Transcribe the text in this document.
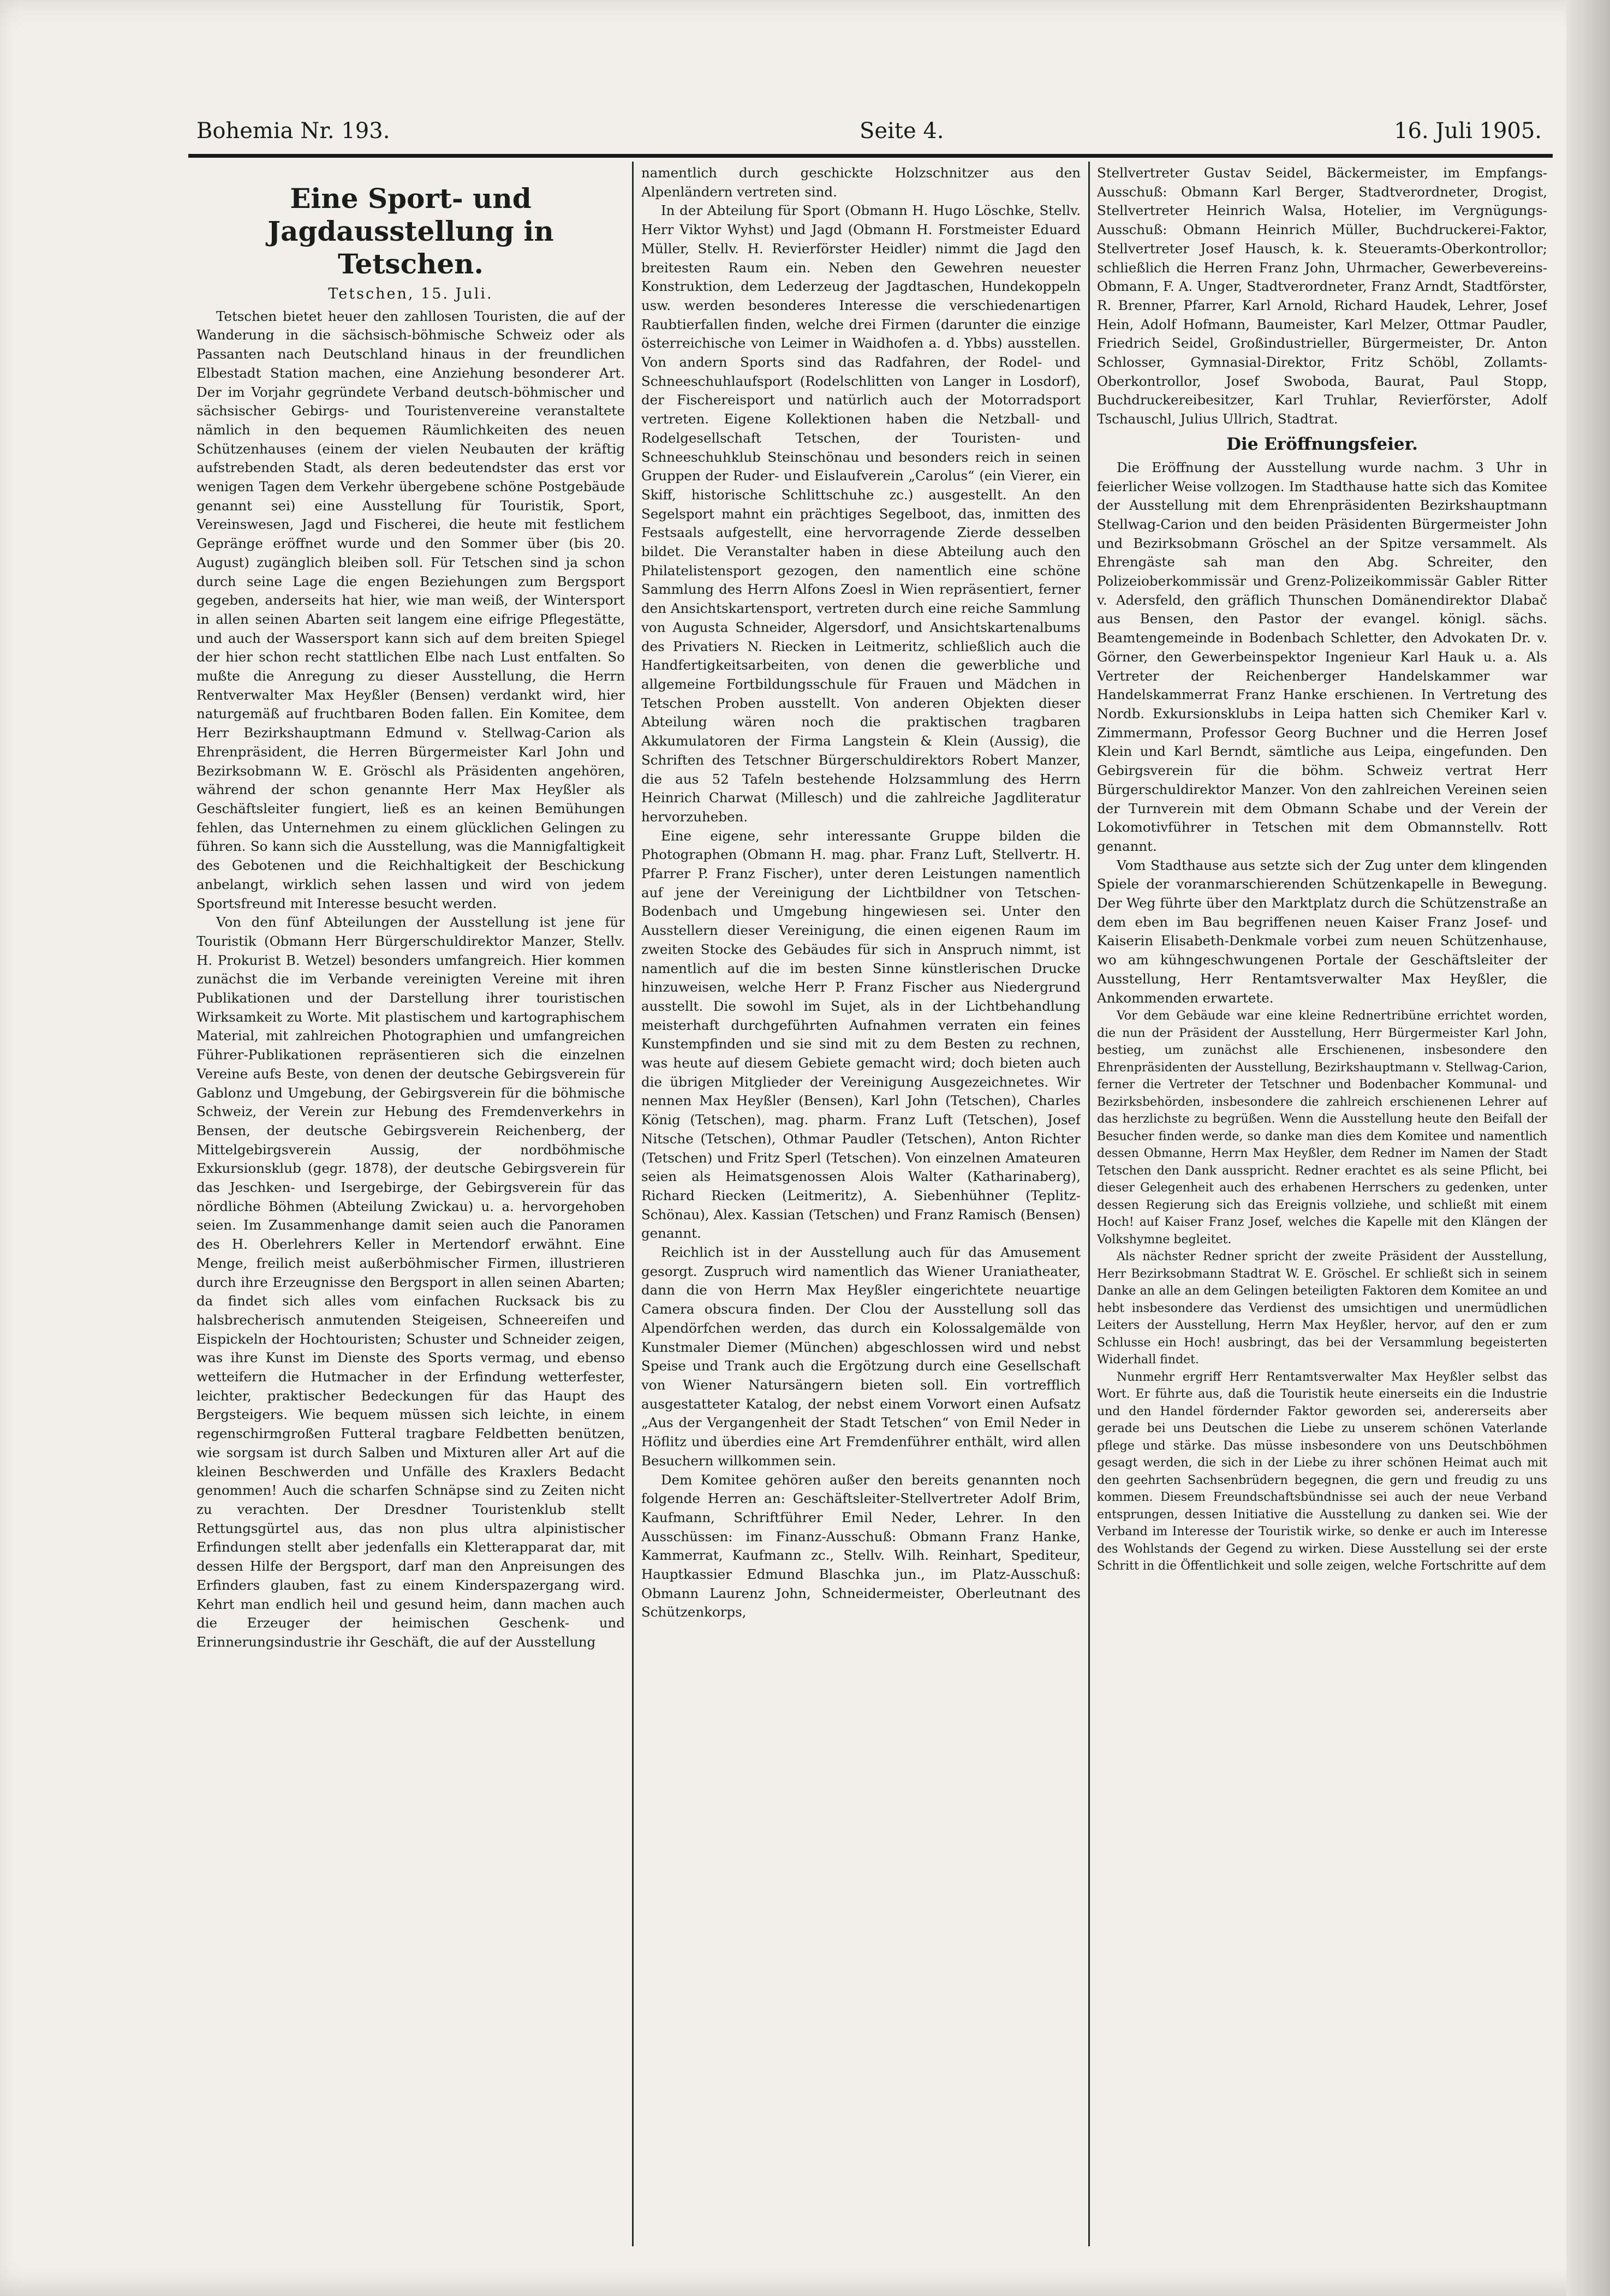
Bohemia Nr. 193.	Seite 4.	16. Juli 1905.
Eine Sport- und Jagdausstellung in Tetschen.
Tetschen, 15. Juli.

Tetschen bietet heuer den zahllosen Touristen, die auf der Wanderung in die sächsisch-böhmische Schweiz oder als Passanten nach Deutschland hinaus in der freundlichen Elbestadt Station machen, eine Anziehung besonderer Art. Der im Vorjahr gegründete Verband deutsch-böhmischer und sächsischer Gebirgs- und Touristenvereine veranstaltete nämlich in den bequemen Räumlichkeiten des neuen Schützenhauses (einem der vielen Neubauten der kräftig aufstrebenden Stadt, als deren bedeutendster das erst vor wenigen Tagen dem Verkehr übergebene schöne Postgebäude genannt sei) eine Ausstellung für Touristik, Sport, Vereinswesen, Jagd und Fischerei, die heute mit festlichem Gepränge eröffnet wurde und den Sommer über (bis 20. August) zugänglich bleiben soll. Für Tetschen sind ja schon durch seine Lage die engen Beziehungen zum Bergsport gegeben, anderseits hat hier, wie man weiß, der Wintersport in allen seinen Abarten seit langem eine eifrige Pflegestätte, und auch der Wassersport kann sich auf dem breiten Spiegel der hier schon recht stattlichen Elbe nach Lust entfalten. So mußte die Anregung zu dieser Ausstellung, die Herrn Rentverwalter Max Heyßler (Bensen) verdankt wird, hier naturgemäß auf fruchtbaren Boden fallen. Ein Komitee, dem Herr Bezirkshauptmann Edmund v. Stellwag-Carion als Ehrenpräsident, die Herren Bürgermeister Karl John und Bezirksobmann W. E. Gröschl als Präsidenten angehören, während der schon genannte Herr Max Heyßler als Geschäftsleiter fungiert, ließ es an keinen Bemühungen fehlen, das Unternehmen zu einem glücklichen Gelingen zu führen. So kann sich die Ausstellung, was die Mannigfaltigkeit des Gebotenen und die Reichhaltigkeit der Beschickung anbelangt, wirklich sehen lassen und wird von jedem Sportsfreund mit Interesse besucht werden.

Von den fünf Abteilungen der Ausstellung ist jene für Touristik (Obmann Herr Bürgerschuldirektor Manzer, Stellv. H. Prokurist B. Wetzel) besonders umfangreich. Hier kommen zunächst die im Verbande vereinigten Vereine mit ihren Publikationen und der Darstellung ihrer touristischen Wirksamkeit zu Worte. Mit plastischem und kartographischem Material, mit zahlreichen Photographien und umfangreichen Führer-Publikationen repräsentieren sich die einzelnen Vereine aufs Beste, von denen der deutsche Gebirgsverein für Gablonz und Umgebung, der Gebirgsverein für die böhmische Schweiz, der Verein zur Hebung des Fremdenverkehrs in Bensen, der deutsche Gebirgsverein Reichenberg, der Mittelgebirgsverein Aussig, der nordböhmische Exkursionsklub (gegr. 1878), der deutsche Gebirgsverein für das Jeschken- und Isergebirge, der Gebirgsverein für das nördliche Böhmen (Abteilung Zwickau) u. a. hervorgehoben seien. Im Zusammenhange damit seien auch die Panoramen des H. Oberlehrers Keller in Mertendorf erwähnt. Eine Menge, freilich meist außerböhmischer Firmen, illustrieren durch ihre Erzeugnisse den Bergsport in allen seinen Abarten; da findet sich alles vom einfachen Rucksack bis zu halsbrecherisch anmutenden Steigeisen, Schneereifen und Eispickeln der Hochtouristen; Schuster und Schneider zeigen, was ihre Kunst im Dienste des Sports vermag, und ebenso wetteifern die Hutmacher in der Erfindung wetterfester, leichter, praktischer Bedeckungen für das Haupt des Bergsteigers. Wie bequem müssen sich leichte, in einem regenschirmgroßen Futteral tragbare Feldbetten benützen, wie sorgsam ist durch Salben und Mixturen aller Art auf die kleinen Beschwerden und Unfälle des Kraxlers Bedacht genommen! Auch die scharfen Schnäpse sind zu Zeiten nicht zu verachten. Der Dresdner Touristenklub stellt Rettungsgürtel aus, das non plus ultra alpinistischer Erfindungen stellt aber jedenfalls ein Kletterapparat dar, mit dessen Hilfe der Bergsport, darf man den Anpreisungen des Erfinders glauben, fast zu einem Kinderspazergang wird. Kehrt man endlich heil und gesund heim, dann machen auch die Erzeuger der heimischen Geschenk- und Erinnerungsindustrie ihr Geschäft, die auf der Ausstellung

namentlich durch geschickte Holzschnitzer aus den Alpenländern vertreten sind.

In der Abteilung für Sport (Obmann H. Hugo Löschke, Stellv. Herr Viktor Wyhst) und Jagd (Obmann H. Forstmeister Eduard Müller, Stellv. H. Revierförster Heidler) nimmt die Jagd den breitesten Raum ein. Neben den Gewehren neuester Konstruktion, dem Lederzeug der Jagdtaschen, Hundekoppeln usw. werden besonderes Interesse die verschiedenartigen Raubtierfallen finden, welche drei Firmen (darunter die einzige österreichische von Leimer in Waidhofen a. d. Ybbs) ausstellen. Von andern Sports sind das Radfahren, der Rodel- und Schneeschuhlaufsport (Rodelschlitten von Langer in Losdorf), der Fischereisport und natürlich auch der Motorradsport vertreten. Eigene Kollektionen haben die Netzball- und Rodelgesellschaft Tetschen, der Touristen- und Schneeschuhklub Steinschönau und besonders reich in seinen Gruppen der Ruder- und Eislaufverein „Carolus“ (ein Vierer, ein Skiff, historische Schlittschuhe zc.) ausgestellt. An den Segelsport mahnt ein prächtiges Segelboot, das, inmitten des Festsaals aufgestellt, eine hervorragende Zierde desselben bildet. Die Veranstalter haben in diese Abteilung auch den Philatelistensport gezogen, den namentlich eine schöne Sammlung des Herrn Alfons Zoesl in Wien repräsentiert, ferner den Ansichtskartensport, vertreten durch eine reiche Sammlung von Augusta Schneider, Algersdorf, und Ansichtskartenalbums des Privatiers N. Riecken in Leitmeritz, schließlich auch die Handfertigkeitsarbeiten, von denen die gewerbliche und allgemeine Fortbildungsschule für Frauen und Mädchen in Tetschen Proben ausstellt. Von anderen Objekten dieser Abteilung wären noch die praktischen tragbaren Akkumulatoren der Firma Langstein & Klein (Aussig), die Schriften des Tetschner Bürgerschuldirektors Robert Manzer, die aus 52 Tafeln bestehende Holzsammlung des Herrn Heinrich Charwat (Millesch) und die zahlreiche Jagdliteratur hervorzuheben.

Eine eigene, sehr interessante Gruppe bilden die Photographen (Obmann H. mag. phar. Franz Luft, Stellvertr. H. Pfarrer P. Franz Fischer), unter deren Leistungen namentlich auf jene der Vereinigung der Lichtbildner von Tetschen-Bodenbach und Umgebung hingewiesen sei. Unter den Ausstellern dieser Vereinigung, die einen eigenen Raum im zweiten Stocke des Gebäudes für sich in Anspruch nimmt, ist namentlich auf die im besten Sinne künstlerischen Drucke hinzuweisen, welche Herr P. Franz Fischer aus Niedergrund ausstellt. Die sowohl im Sujet, als in der Lichtbehandlung meisterhaft durchgeführten Aufnahmen verraten ein feines Kunstempfinden und sie sind mit zu dem Besten zu rechnen, was heute auf diesem Gebiete gemacht wird; doch bieten auch die übrigen Mitglieder der Vereinigung Ausgezeichnetes. Wir nennen Max Heyßler (Bensen), Karl John (Tetschen), Charles König (Tetschen), mag. pharm. Franz Luft (Tetschen), Josef Nitsche (Tetschen), Othmar Paudler (Tetschen), Anton Richter (Tetschen) und Fritz Sperl (Tetschen). Von einzelnen Amateuren seien als Heimatsgenossen Alois Walter (Katharinaberg), Richard Riecken (Leitmeritz), A. Siebenhühner (Teplitz-Schönau), Alex. Kassian (Tetschen) und Franz Ramisch (Bensen) genannt.

Reichlich ist in der Ausstellung auch für das Amusement gesorgt. Zuspruch wird namentlich das Wiener Uraniatheater, dann die von Herrn Max Heyßler eingerichtete neuartige Camera obscura finden. Der Clou der Ausstellung soll das Alpendörfchen werden, das durch ein Kolossalgemälde von Kunstmaler Diemer (München) abgeschlossen wird und nebst Speise und Trank auch die Ergötzung durch eine Gesellschaft von Wiener Natursängern bieten soll. Ein vortrefflich ausgestatteter Katalog, der nebst einem Vorwort einen Aufsatz „Aus der Vergangenheit der Stadt Tetschen“ von Emil Neder in Höflitz und überdies eine Art Fremdenführer enthält, wird allen Besuchern willkommen sein.

Dem Komitee gehören außer den bereits genannten noch folgende Herren an: Geschäftsleiter-Stellvertreter Adolf Brim, Kaufmann, Schriftführer Emil Neder, Lehrer. In den Ausschüssen: im Finanz-Ausschuß: Obmann Franz Hanke, Kammerrat, Kaufmann zc., Stellv. Wilh. Reinhart, Spediteur, Hauptkassier Edmund Blaschka jun., im Platz-Ausschuß: Obmann Laurenz John, Schneidermeister, Oberleutnant des Schützenkorps,

Stellvertreter Gustav Seidel, Bäckermeister, im Empfangs-Ausschuß: Obmann Karl Berger, Stadtverordneter, Drogist, Stellvertreter Heinrich Walsa, Hotelier, im Vergnügungs-Ausschuß: Obmann Heinrich Müller, Buchdruckerei-Faktor, Stellvertreter Josef Hausch, k. k. Steueramts-Oberkontrollor; schließlich die Herren Franz John, Uhrmacher, Gewerbevereins-Obmann, F. A. Unger, Stadtverordneter, Franz Arndt, Stadtförster, R. Brenner, Pfarrer, Karl Arnold, Richard Haudek, Lehrer, Josef Hein, Adolf Hofmann, Baumeister, Karl Melzer, Ottmar Paudler, Friedrich Seidel, Großindustrieller, Bürgermeister, Dr. Anton Schlosser, Gymnasial-Direktor, Fritz Schöbl, Zollamts-Oberkontrollor, Josef Swoboda, Baurat, Paul Stopp, Buchdruckereibesitzer, Karl Truhlar, Revierförster, Adolf Tschauschl, Julius Ullrich, Stadtrat.

Die Eröffnungsfeier.

Die Eröffnung der Ausstellung wurde nachm. 3 Uhr in feierlicher Weise vollzogen. Im Stadthause hatte sich das Komitee der Ausstellung mit dem Ehrenpräsidenten Bezirkshauptmann Stellwag-Carion und den beiden Präsidenten Bürgermeister John und Bezirksobmann Gröschel an der Spitze versammelt. Als Ehrengäste sah man den Abg. Schreiter, den Polizeioberkommissär und Grenz-Polizeikommissär Gabler Ritter v. Adersfeld, den gräflich Thunschen Domänendirektor Dlabač aus Bensen, den Pastor der evangel. königl. sächs. Beamtengemeinde in Bodenbach Schletter, den Advokaten Dr. v. Görner, den Gewerbeinspektor Ingenieur Karl Hauk u. a. Als Vertreter der Reichenberger Handelskammer war Handelskammerrat Franz Hanke erschienen. In Vertretung des Nordb. Exkursionsklubs in Leipa hatten sich Chemiker Karl v. Zimmermann, Professor Georg Buchner und die Herren Josef Klein und Karl Berndt, sämtliche aus Leipa, eingefunden. Den Gebirgsverein für die böhm. Schweiz vertrat Herr Bürgerschuldirektor Manzer. Von den zahlreichen Vereinen seien der Turnverein mit dem Obmann Schabe und der Verein der Lokomotivführer in Tetschen mit dem Obmannstellv. Rott genannt.

Vom Stadthause aus setzte sich der Zug unter dem klingenden Spiele der voranmarschierenden Schützenkapelle in Bewegung. Der Weg führte über den Marktplatz durch die Schützenstraße an dem eben im Bau begriffenen neuen Kaiser Franz Josef- und Kaiserin Elisabeth-Denkmale vorbei zum neuen Schützenhause, wo am kühngeschwungenen Portale der Geschäftsleiter der Ausstellung, Herr Rentamtsverwalter Max Heyßler, die Ankommenden erwartete.

Vor dem Gebäude war eine kleine Rednertribüne errichtet worden, die nun der Präsident der Ausstellung, Herr Bürgermeister Karl John, bestieg, um zunächst alle Erschienenen, insbesondere den Ehrenpräsidenten der Ausstellung, Bezirkshauptmann v. Stellwag-Carion, ferner die Vertreter der Tetschner und Bodenbacher Kommunal- und Bezirksbehörden, insbesondere die zahlreich erschienenen Lehrer auf das herzlichste zu begrüßen. Wenn die Ausstellung heute den Beifall der Besucher finden werde, so danke man dies dem Komitee und namentlich dessen Obmanne, Herrn Max Heyßler, dem Redner im Namen der Stadt Tetschen den Dank ausspricht. Redner erachtet es als seine Pflicht, bei dieser Gelegenheit auch des erhabenen Herrschers zu gedenken, unter dessen Regierung sich das Ereignis vollziehe, und schließt mit einem Hoch! auf Kaiser Franz Josef, welches die Kapelle mit den Klängen der Volkshymne begleitet.

Als nächster Redner spricht der zweite Präsident der Ausstellung, Herr Bezirksobmann Stadtrat W. E. Gröschel. Er schließt sich in seinem Danke an alle an dem Gelingen beteiligten Faktoren dem Komitee an und hebt insbesondere das Verdienst des umsichtigen und unermüdlichen Leiters der Ausstellung, Herrn Max Heyßler, hervor, auf den er zum Schlusse ein Hoch! ausbringt, das bei der Versammlung begeisterten Widerhall findet.

Nunmehr ergriff Herr Rentamtsverwalter Max Heyßler selbst das Wort. Er führte aus, daß die Touristik heute einerseits ein die Industrie und den Handel fördernder Faktor geworden sei, andererseits aber gerade bei uns Deutschen die Liebe zu unserem schönen Vaterlande pflege und stärke. Das müsse insbesondere von uns Deutschböhmen gesagt werden, die sich in der Liebe zu ihrer schönen Heimat auch mit den geehrten Sachsenbrüdern begegnen, die gern und freudig zu uns kommen. Diesem Freundschaftsbündnisse sei auch der neue Verband entsprungen, dessen Initiative die Ausstellung zu danken sei. Wie der Verband im Interesse der Touristik wirke, so denke er auch im Interesse des Wohlstands der Gegend zu wirken. Diese Ausstellung sei der erste Schritt in die Öffentlichkeit und solle zeigen, welche Fortschritte auf dem
